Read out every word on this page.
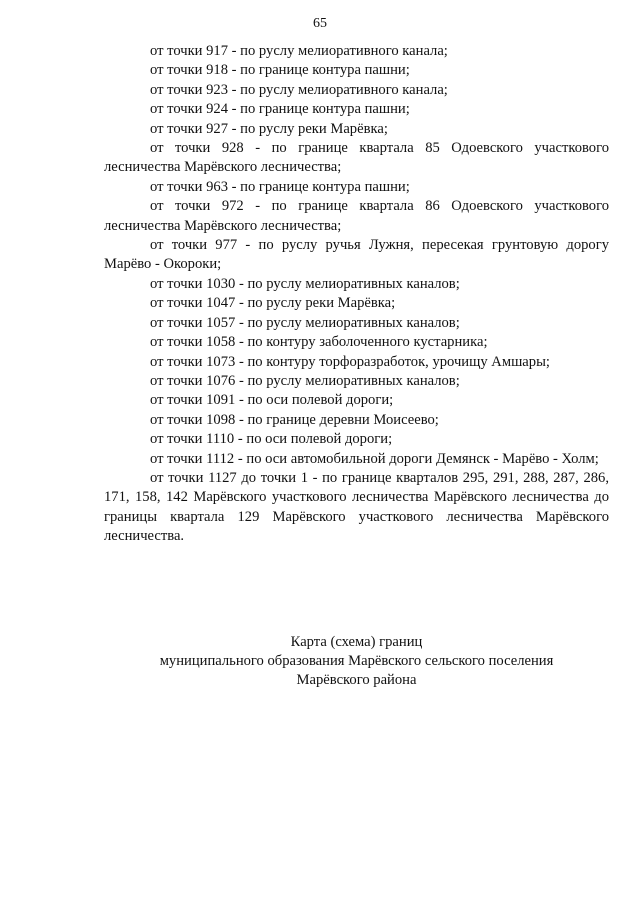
65

от точки 917 - по руслу мелиоративного канала;

от точки 918 - по границе контура пашни;

от точки 923 - по руслу мелиоративного канала;

от точки 924 - по границе контура пашни;

от точки 927 - по руслу реки Марёвка;

от точки 928 - по границе квартала 85 Одоевского участкового лесничества Марёвского лесничества;

от точки 963 - по границе контура пашни;

от точки 972 - по границе квартала 86 Одоевского участкового лесничества Марёвского лесничества;

от точки 977 - по руслу ручья Лужня, пересекая грунтовую дорогу Марёво - Окороки;

от точки 1030 - по руслу мелиоративных каналов;

от точки 1047 - по руслу реки Марёвка;

от точки 1057 - по руслу мелиоративных каналов;

от точки 1058 - по контуру заболоченного кустарника;

от точки 1073 - по контуру торфоразработок, урочищу Амшары;

от точки 1076 - по руслу мелиоративных каналов;

от точки 1091 - по оси полевой дороги;

от точки 1098 - по границе деревни Моисеево;

от точки 1110 - по оси полевой дороги;

от точки 1112 - по оси автомобильной дороги Демянск - Марёво - Холм;

от точки 1127 до точки 1 - по границе кварталов 295, 291, 288, 287, 286, 171, 158, 142 Марёвского участкового лесничества Марёвского лесничества до границы квартала 129 Марёвского участкового лесничества Марёвского лесничества.

Карта (схема) границ
муниципального образования Марёвского сельского поселения
Марёвского района
